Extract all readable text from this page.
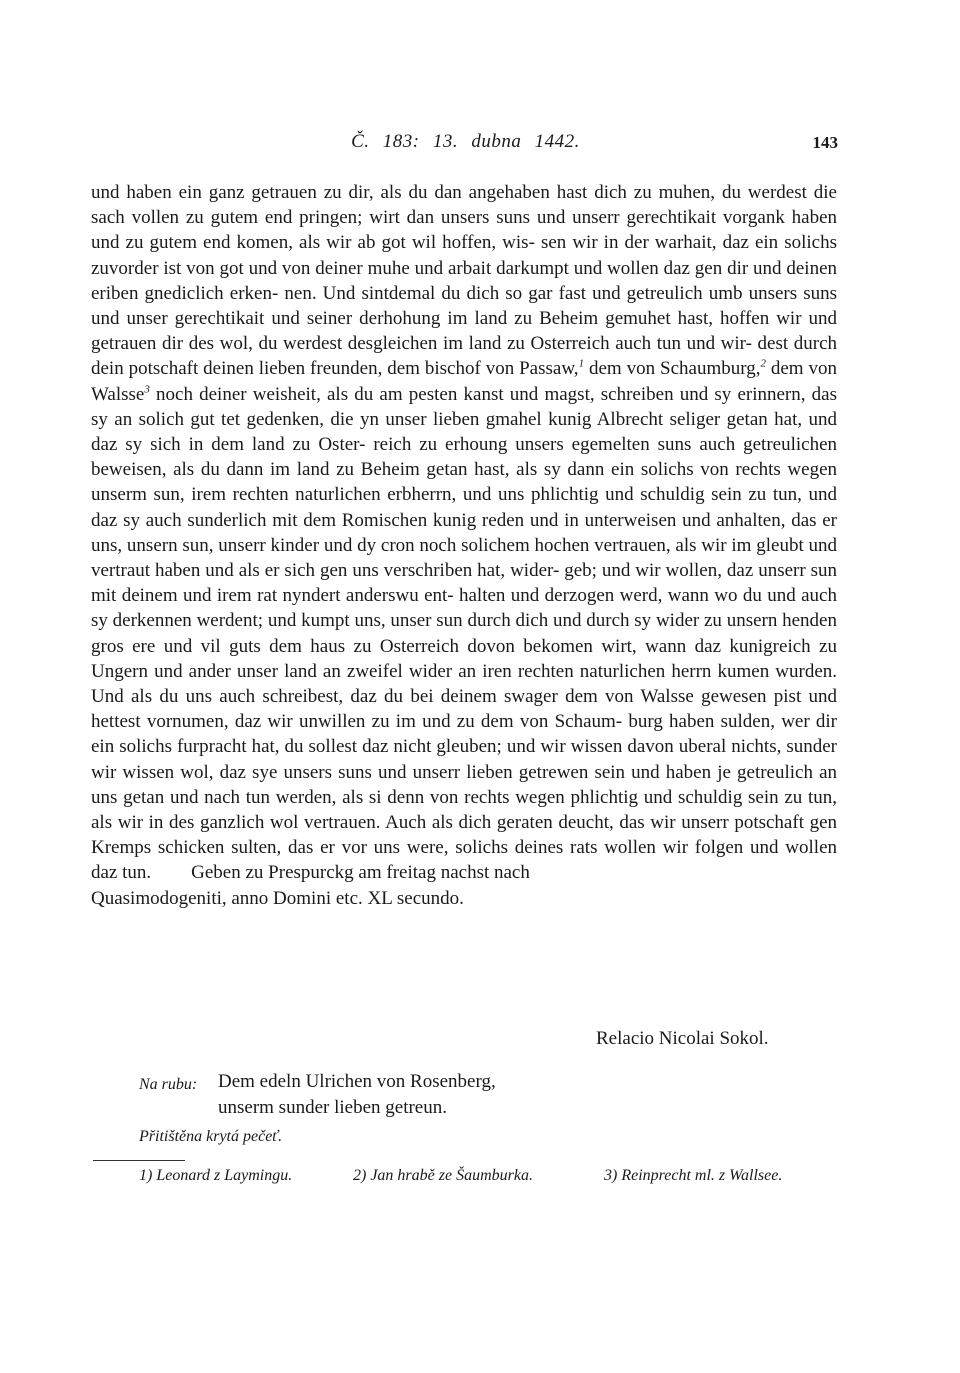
Č. 183: 13. dubna 1442.	143

und haben ein ganz getrauen zu dir, als du dan angehaben hast dich zu muhen, du werdest die sach vollen zu gutem end pringen; wirt dan unsers suns und unserr gerechtikait vorgank haben und zu gutem end komen, als wir ab got wil hoffen, wis- sen wir in der warhait, daz ein solichs zuvorder ist von got und von deiner muhe und arbait darkumpt und wollen daz gen dir und deinen eriben gnediclich erken- nen. Und sintdemal du dich so gar fast und getreulich umb unsers suns und unser gerechtikait und seiner derhohung im land zu Beheim gemuhet hast, hoffen wir und getrauen dir des wol, du werdest desgleichen im land zu Osterreich auch tun und wir- dest durch dein potschaft deinen lieben freunden, dem bischof von Passaw,$^1$ dem von Schaumburg,$^2$ dem von Walsse$^3$ noch deiner weisheit, als du am pesten kanst und magst, schreiben und sy erinnern, das sy an solich gut tet gedenken, die yn unser lieben gmahel kunig Albrecht seliger getan hat, und daz sy sich in dem land zu Oster- reich zu erhoung unsers egemelten suns auch getreulichen beweisen, als du dann im land zu Beheim getan hast, als sy dann ein solichs von rechts wegen unserm sun, irem rechten naturlichen erbherrn, und uns phlichtig und schuldig sein zu tun, und daz sy auch sunderlich mit dem Romischen kunig reden und in unterweisen und anhalten, das er uns, unsern sun, unserr kinder und dy cron noch solichem hochen vertrauen, als wir im gleubt und vertraut haben und als er sich gen uns verschriben hat, wider- geb; und wir wollen, daz unserr sun mit deinem und irem rat nyndert anderswu ent- halten und derzogen werd, wann wo du und auch sy derkennen werdent; und kumpt uns, unser sun durch dich und durch sy wider zu unsern henden gros ere und vil guts dem haus zu Osterreich dovon bekomen wirt, wann daz kunigreich zu Ungern und ander unser land an zweifel wider an iren rechten naturlichen herrn kumen wurden. Und als du uns auch schreibest, daz du bei deinem swager dem von Walsse gewesen pist und hettest vornumen, daz wir unwillen zu im und zu dem von Schaum- burg haben sulden, wer dir ein solichs furpracht hat, du sollest daz nicht gleuben; und wir wissen davon uberal nichts, sunder wir wissen wol, daz sye unsers suns und unserr lieben getrewen sein und haben je getreulich an uns getan und nach tun werden, als si denn von rechts wegen phlichtig und schuldig sein zu tun, als wir in des ganzlich wol vertrauen. Auch als dich geraten deucht, das wir unserr potschaft gen Kremps schicken sulten, das er vor uns were, solichs deines rats wollen wir folgen und wollen daz tun. Geben zu Prespurckg am freitag nachst nach

Quasimodogeniti, anno Domini etc. XL secundo.
Relacio Nicolai Sokol.
Na rubu: Dem edeln Ulrichen von Rosenberg,
unserm sunder lieben getreun.
Přitištěna krytá pečeť.
1) Leonard z Laymingu.	2) Jan hrabě ze Šaumburka.	3) Reinprecht ml. z Wallsee.
